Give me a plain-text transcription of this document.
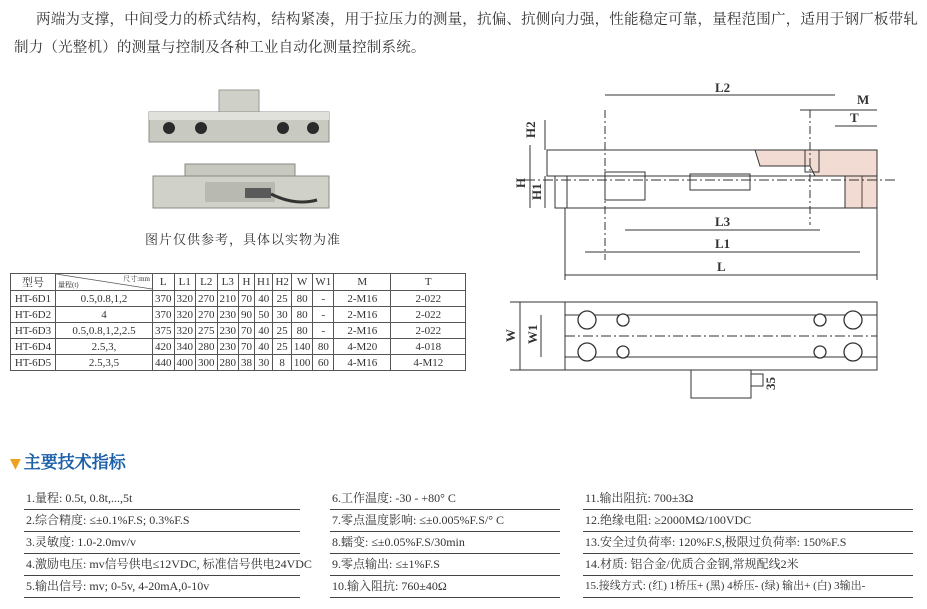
两端为支撑，中间受力的桥式结构，结构紧凑，用于拉压力的测量，抗偏、抗侧向力强，性能稳定可靠，量程范围广，适用于钢厂板带轧制力（光整机）的测量与控制及各种工业自动化测量控制系统。
图片仅供参考，具体以实物为准
型号	尺寸:mm
量程(t)	L	L1	L2	L3	H	H1	H2	W	W1	M	T
HT-6D1	0.5,0.8,1,2	370	320	270	210	70	40	25	80	-	2-M16	2-022
HT-6D2	4	370	320	270	230	90	50	30	80	-	2-M16	2-022
HT-6D3	0.5,0.8,1,2,2.5	375	320	275	230	70	40	25	80	-	2-M16	2-022
HT-6D4	2.5,3,	420	340	280	230	70	40	25	140	80	4-M20	4-018
HT-6D5	2.5,3,5	440	400	300	280	38	30	8	100	60	4-M16	4-M12
L2
M
T
H2
H
H1
L3
L1
L
W W1
35
▼ 主要技术指标
1.量程: 0.5t, 0.8t,...,5t
2.综合精度: ≤±0.1%F.S; 0.3%F.S
3.灵敏度: 1.0-2.0mv/v
4.激励电压: mv信号供电≤12VDC, 标准信号供电24VDC
5.输出信号: mv; 0-5v, 4-20mA,0-10v
6.工作温度: -30 - +80° C
7.零点温度影响: ≤±0.005%F.S/° C
8.蠕变: ≤±0.05%F.S/30min
9.零点输出: ≤±1%F.S
10.输入阻抗: 760±40Ω
11.输出阻抗: 700±3Ω
12.绝缘电阻: ≥2000MΩ/100VDC
13.安全过负荷率: 120%F.S,极限过负荷率: 150%F.S
14.材质: 铝合金/优质合金钢,常规配线2米
15.接线方式: (红) 1桥压+ (黑) 4桥压- (绿) 输出+ (白) 3输出-
